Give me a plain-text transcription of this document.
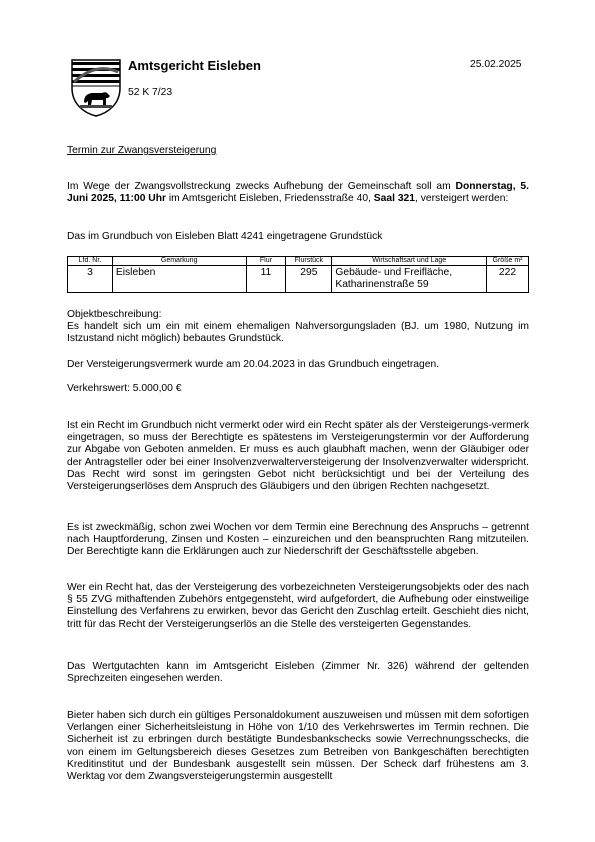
Amtsgericht Eisleben
52 K 7/23
25.02.2025
Termin zur Zwangsversteigerung
Im Wege der Zwangsvollstreckung zwecks Aufhebung der Gemeinschaft soll am Donnerstag, 5. Juni 2025, 11:00 Uhr im Amtsgericht Eisleben, Friedensstraße 40, Saal 321, versteigert werden:
Das im Grundbuch von Eisleben Blatt 4241 eingetragene Grundstück
Lfd. Nr.	Gemarkung	Flur	Flurstück	Wirtschaftsart und Lage	Größe m²
3	Eisleben	11	295	Gebäude- und Freifläche, Katharinenstraße 59	222
Objektbeschreibung:
Es handelt sich um ein mit einem ehemaligen Nahversorgungsladen (BJ. um 1980, Nutzung im Istzustand nicht möglich) bebautes Grundstück.
Der Versteigerungsvermerk wurde am 20.04.2023 in das Grundbuch eingetragen.
Verkehrswert: 5.000,00 €
Ist ein Recht im Grundbuch nicht vermerkt oder wird ein Recht später als der Versteigerungs-vermerk eingetragen, so muss der Berechtigte es spätestens im Versteigerungstermin vor der Aufforderung zur Abgabe von Geboten anmelden. Er muss es auch glaubhaft machen, wenn der Gläubiger oder der Antragsteller oder bei einer Insolvenzverwalterversteigerung der Insolvenzverwalter widerspricht. Das Recht wird sonst im geringsten Gebot nicht berücksichtigt und bei der Verteilung des Versteigerungserlöses dem Anspruch des Gläubigers und den übrigen Rechten nachgesetzt.
Es ist zweckmäßig, schon zwei Wochen vor dem Termin eine Berechnung des Anspruchs – getrennt nach Hauptforderung, Zinsen und Kosten – einzureichen und den beanspruchten Rang mitzuteilen. Der Berechtigte kann die Erklärungen auch zur Niederschrift der Geschäftsstelle abgeben.
Wer ein Recht hat, das der Versteigerung des vorbezeichneten Versteigerungsobjekts oder des nach § 55 ZVG mithaftenden Zubehörs entgegensteht, wird aufgefordert, die Aufhebung oder einstweilige Einstellung des Verfahrens zu erwirken, bevor das Gericht den Zuschlag erteilt. Geschieht dies nicht, tritt für das Recht der Versteigerungserlös an die Stelle des versteigerten Gegenstandes.
Das Wertgutachten kann im Amtsgericht Eisleben (Zimmer Nr. 326) während der geltenden Sprechzeiten eingesehen werden.
Bieter haben sich durch ein gültiges Personaldokument auszuweisen und müssen mit dem sofortigen Verlangen einer Sicherheitsleistung in Höhe von 1/10 des Verkehrswertes im Termin rechnen. Die Sicherheit ist zu erbringen durch bestätigte Bundesbankschecks sowie Verrechnungsschecks, die von einem im Geltungsbereich dieses Gesetzes zum Betreiben von Bankgeschäften berechtigten Kreditinstitut und der Bundesbank ausgestellt sein müssen. Der Scheck darf frühestens am 3. Werktag vor dem Zwangsversteigerungstermin ausgestellt
